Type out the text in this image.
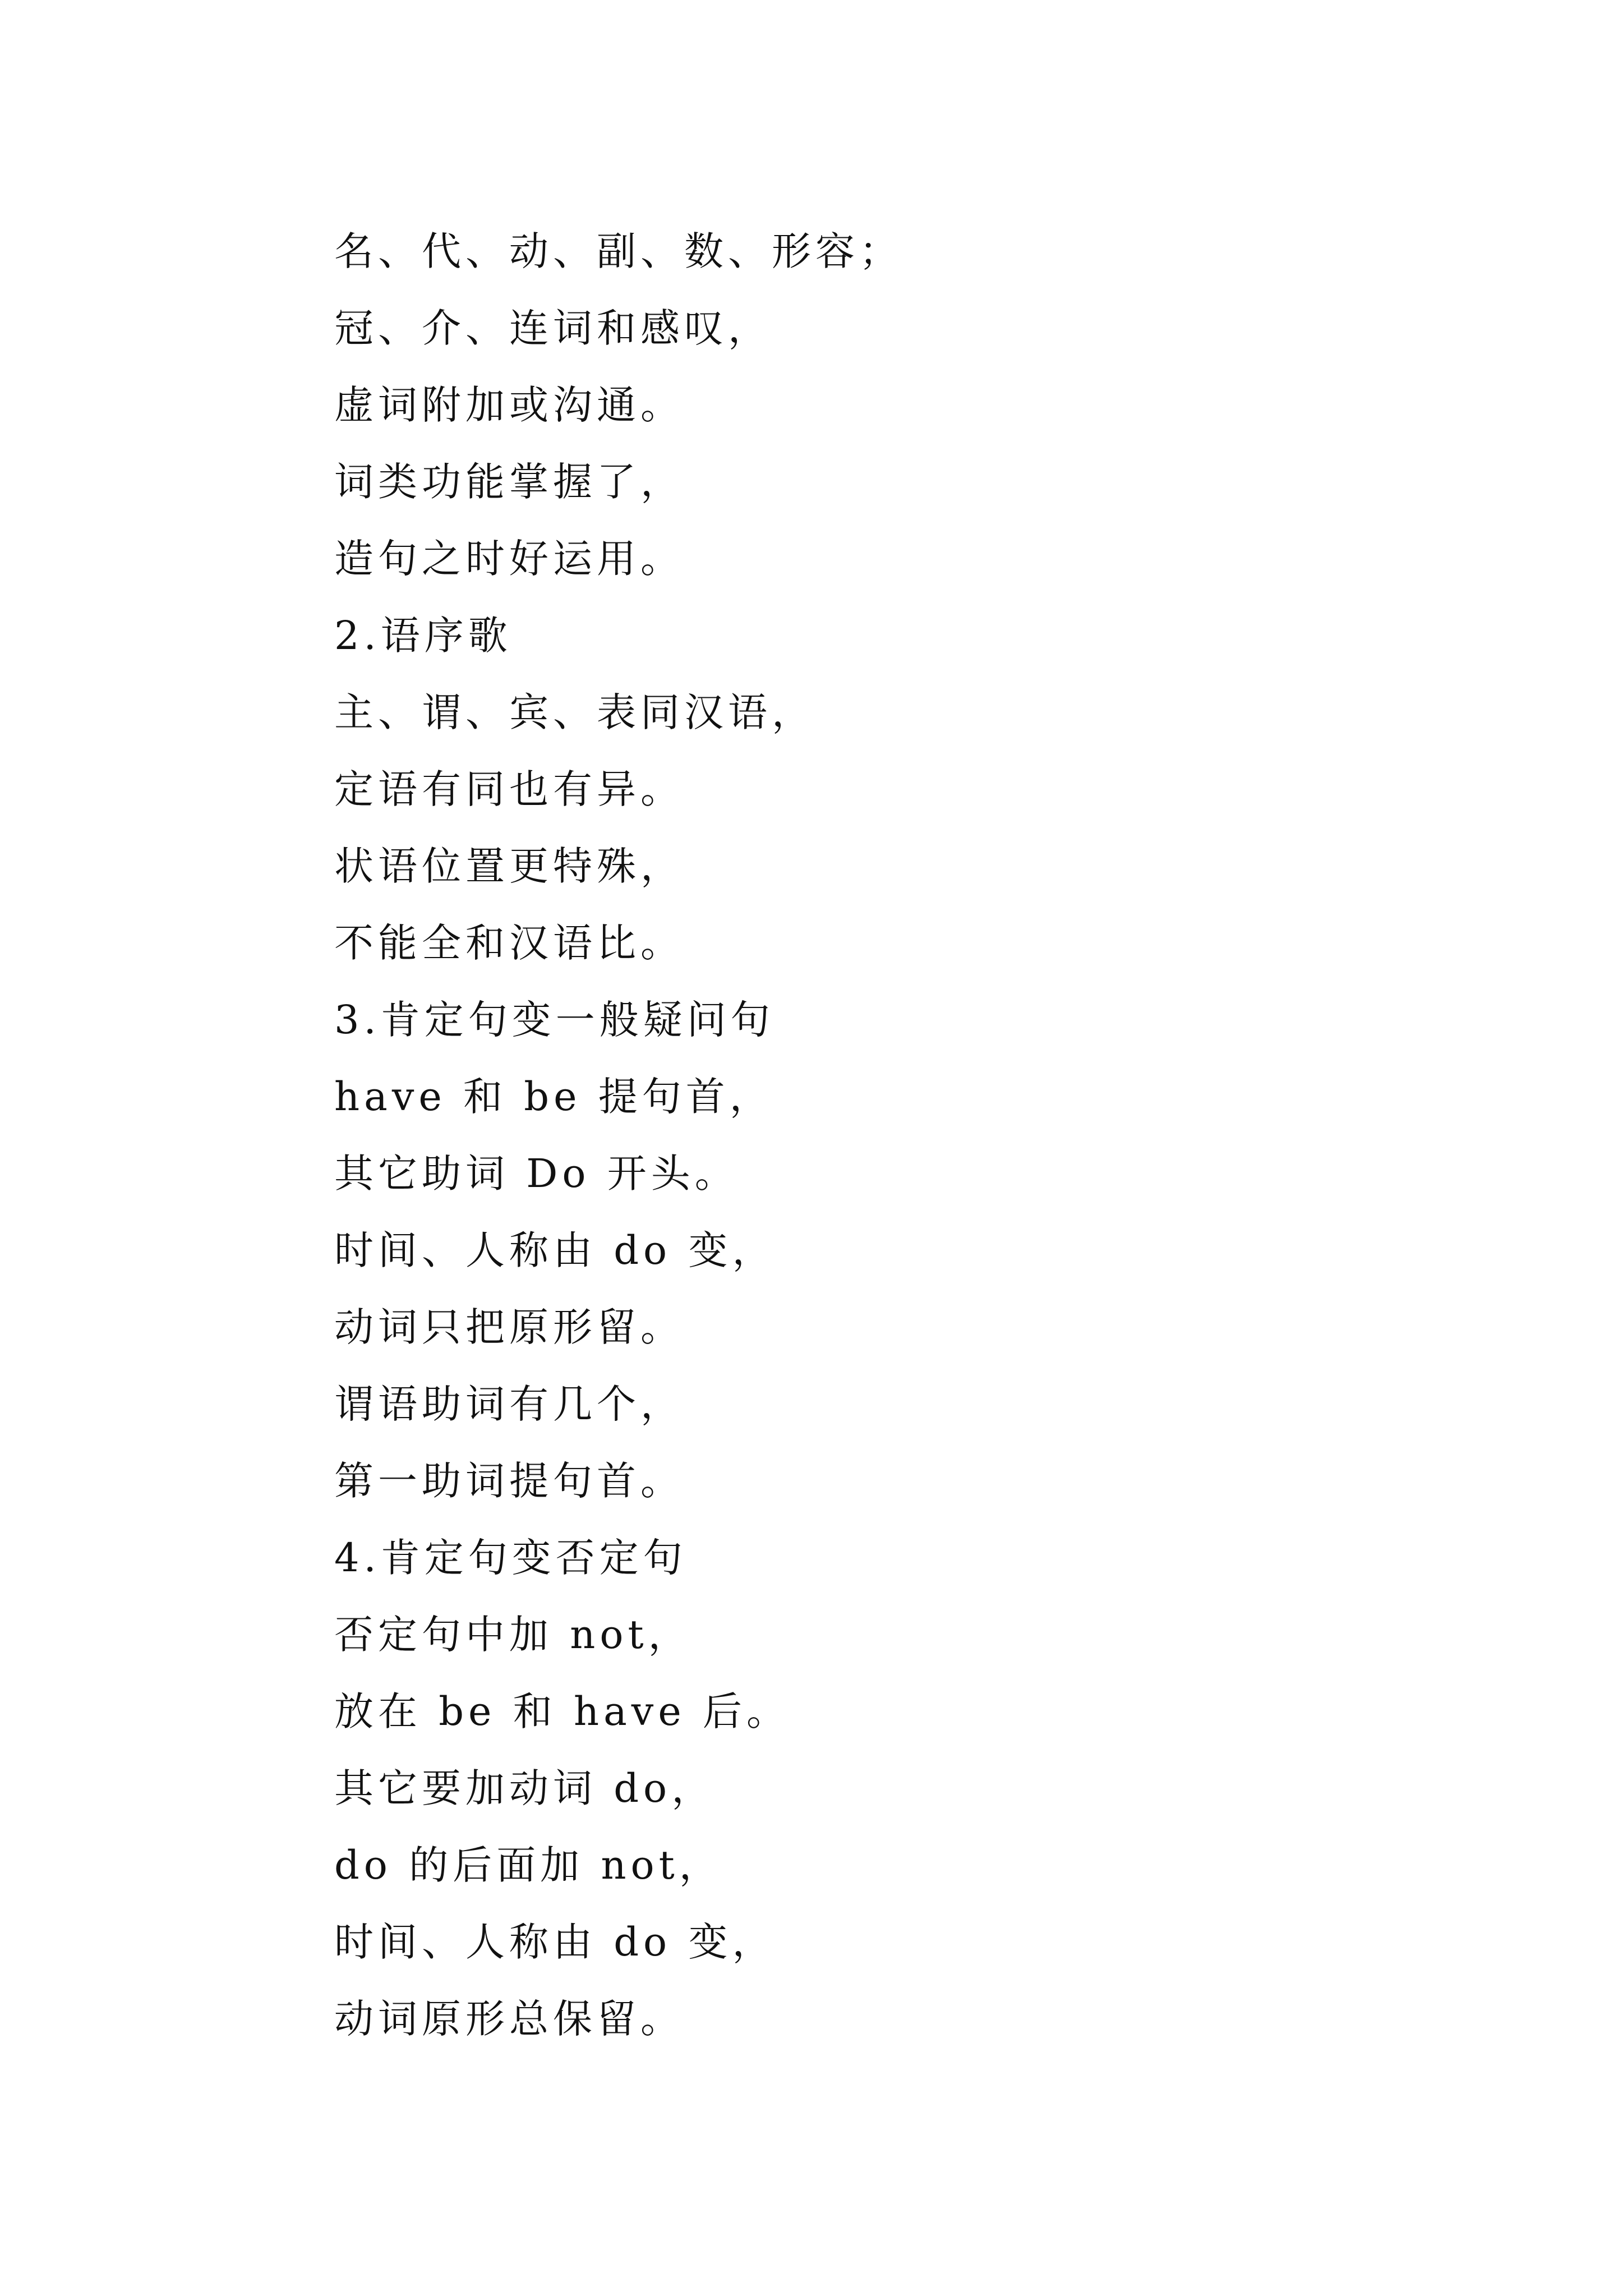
名、代、动、副、数、形容；
冠、介、连词和感叹，
虚词附加或沟通。
词类功能掌握了，
造句之时好运用。
2.语序歌
主、谓、宾、表同汉语，
定语有同也有异。
状语位置更特殊，
不能全和汉语比。
3.肯定句变一般疑问句
have 和 be 提句首，
其它助词 Do 开头。
时间、人称由 do 变，
动词只把原形留。
谓语助词有几个，
第一助词提句首。
4.肯定句变否定句
否定句中加 not，
放在 be 和 have 后。
其它要加动词 do，
do 的后面加 not，
时间、人称由 do 变，
动词原形总保留。
